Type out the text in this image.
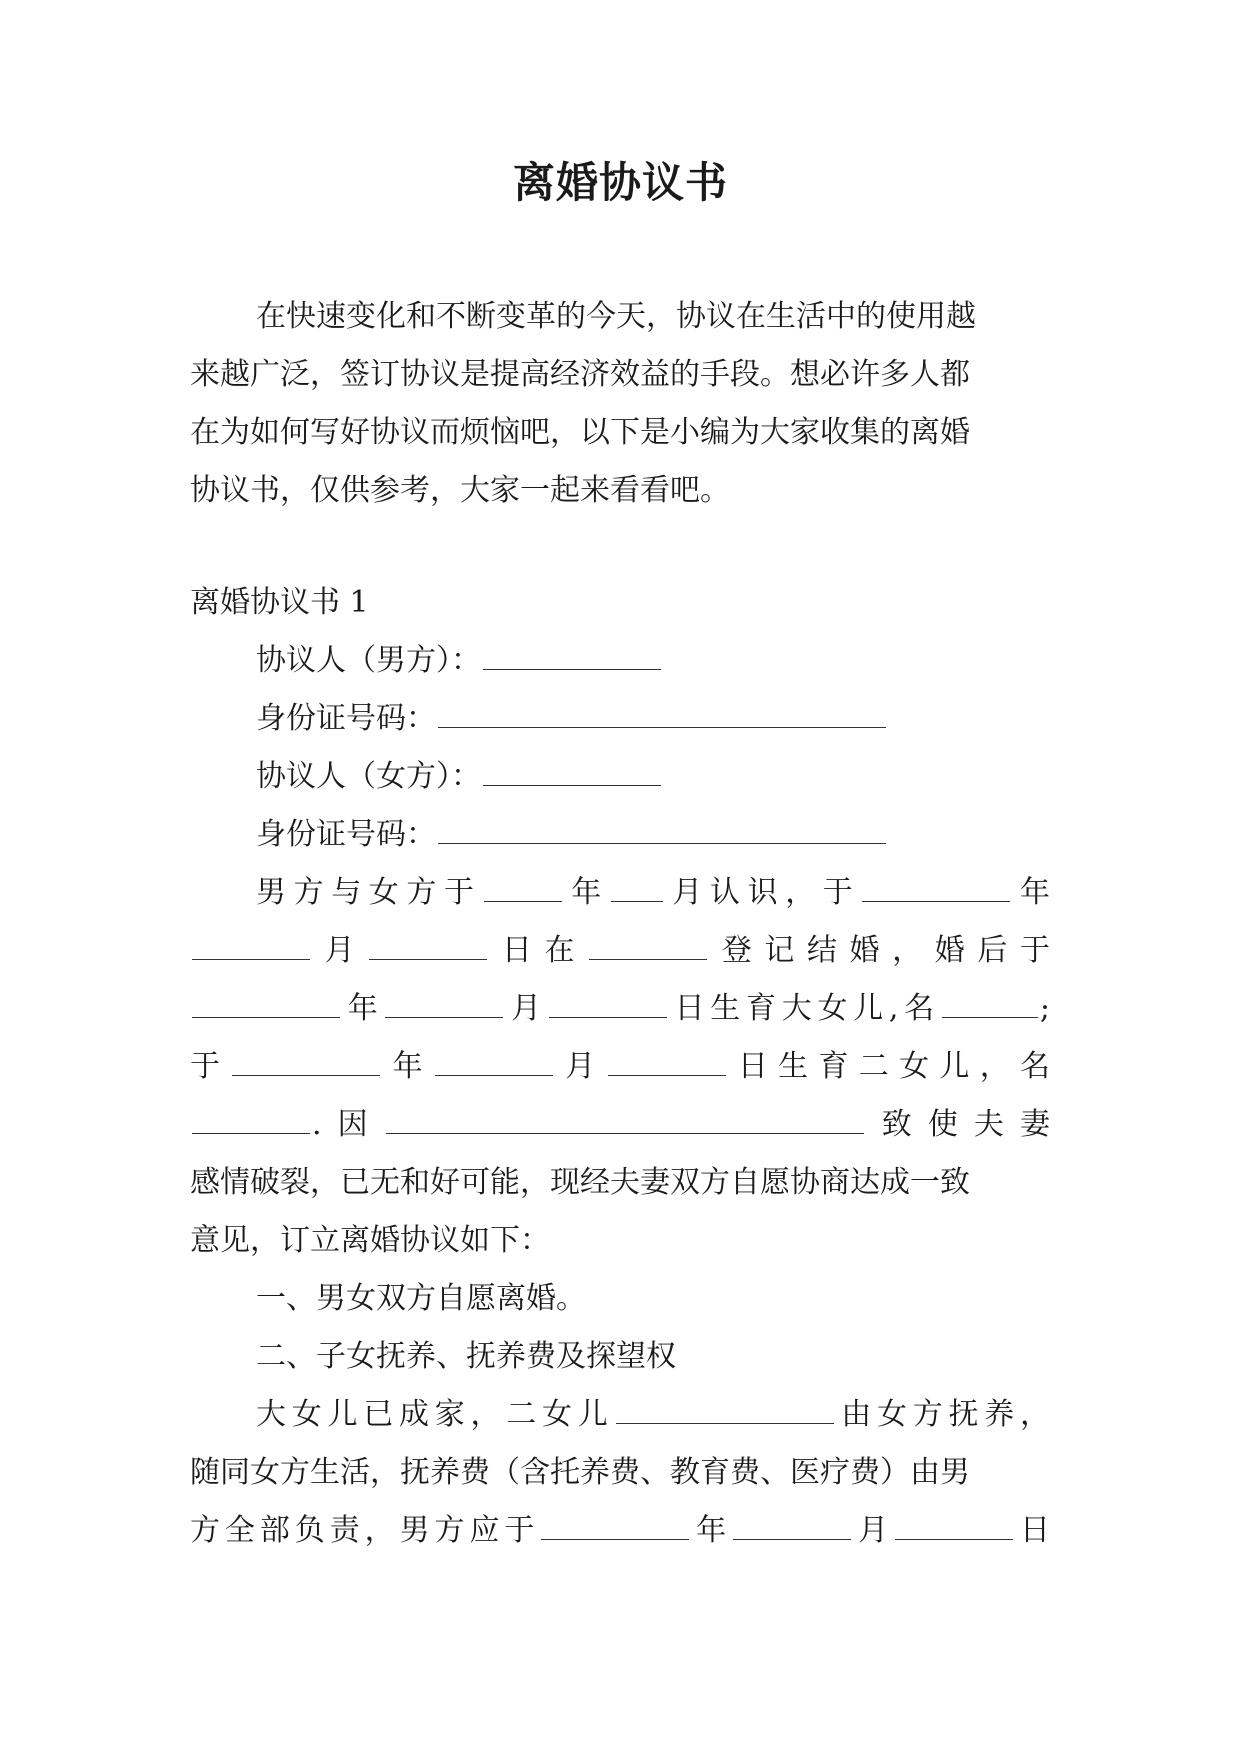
离婚协议书
在快速变化和不断变革的今天，协议在生活中的使用越
来越广泛，签订协议是提高经济效益的手段。想必许多人都
在为如何写好协议而烦恼吧，以下是小编为大家收集的离婚
协议书，仅供参考，大家一起来看看吧。
离婚协议书 1
协议人（男方）：
身份证号码：
协议人（女方）：
身份证号码：
男方与女方于	年 月认识，于	年
月	日在	登记结婚，婚后于
年	月	日生育大女儿,名	;
于	年	月	日生育二女儿，名
.因	致使夫妻
感情破裂，已无和好可能，现经夫妻双方自愿协商达成一致
意见，订立离婚协议如下：
一、男女双方自愿离婚。
二、子女抚养、抚养费及探望权
大女儿已成家，二女儿	由女方抚养，
随同女方生活，抚养费（含托养费、教育费、医疗费）由男
方全部负责，男方应于	年	月	日
